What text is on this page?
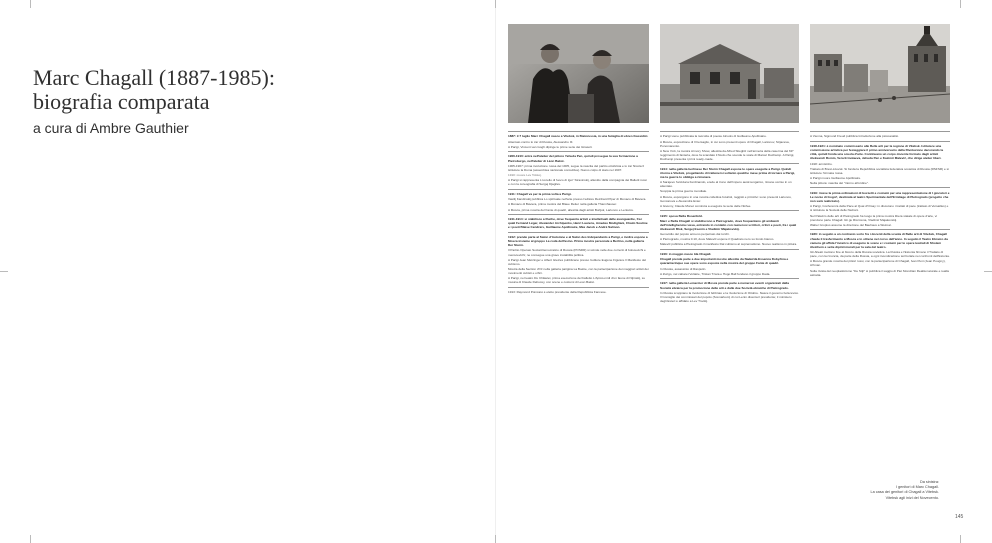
Marc Chagall (1887-1985):
biografia comparata
a cura di Ambre Gauthier

1887: il 7 luglio Marc Chagall nasce a Vitebsk, in Bielorussia, in una famiglia di ebrei chassidici.

Attentato contro lo zar di Russia, Alessandro III.

A Parigi, Vincent van Gogh dipinge le prime serie dei Girasoli.

1906-1910: entra nell'atelier del pittore Yehuda Pen, quindi prosegue la sua formazione a Pietroburgo, nell'atelier di Léon Bakst.

1905-1907: prima rivoluzione russa del 1905, segue la nascita del partito ottobrista e lo zar Nicola II istituisce la Duma (assemblea nazionale consultiva). Nuovo colpo di stato nel 1907.

1910: muore Lev Tolstoj.

A Parigi si rappresenta L'uccello di fuoco di Igor' Stravinskij, allestito dalla compagnia dei Balletti russi e con la coreografia di Sergej Djagilev.

1911: Chagall va per la prima volta a Parigi.

Vasilij Kandinskij pubblica Lo spirituale nell'arte presso l'editore Reinhard Piper di Monaco di Baviera.

A Monaco di Baviera, prima mostra del Blaue Reiter nella galleria Thannhauser.

A Mosca, prima mostra del Fante di quadri, allestita dagli artisti Burljuk, Larionov e Lentulov.

1911-1914: si stabilisce a Ruche, dove frequenta artisti e intellettuali delle avanguardie, fra i quali Fernand Léger, Alexander Archipenko, Henri Laurens, Amedeo Modigliani, Chaim Soutine e i poeti Blaise Cendrars, Guillaume Apollinaire, Max Jacob e André Salmon.

1912: prende parte al Salon d'Automne e al Salon des Indépendants a Parigi, e inoltre espone a Mosca insieme al gruppo La coda dell'asino. Prima mostra personale a Berlino, nella galleria Der Sturm.

Il Partito Operaio Social-Democratico di Russia (POSDR) si scinde nelle due correnti di bolscevichi e menscevichi; ne consegue una grave instabilità politica.

A Parigi Jean Metzinger e Albert Gleizes pubblicano presso l'editore Eugène Figuière Il Manifesto del cubismo.

Mostra della Section d'Or nella galleria parigina La Boétie, con la partecipazione dei maggiori artisti dei movimenti cubisti e orfici.

A Parigi, nel teatro Du Châtelet, prima esecuzione del balletto L'Après-midi d'un faune di Nijinskij, su musica di Claude Debussy, con scene e costumi di Léon Bakst.

1913: Raymond Poincaré è eletto presidente della Repubblica francese.

A Parigi viene pubblicata la raccolta di poesie Alcools di Guillaume Apollinaire.

A Mosca, esposizione di Il bersaglio, in cui sono presenti opere di Chagall, Larionov, Strjaceva, Ponomarenko.

A New York, la mostra Armory Show, allestita da Alfred Stieglitz nell'armeria della caserma del 69° reggimento di fanteria, dove fa scandalo il Nudo che scende le scale di Marcel Duchamp. A Parigi, Duchamp presenta i primi ready-made.

1914: nella galleria berlinese Der Sturm Chagall espone le opere eseguite a Parigi. Quindi ritorna a Vitebsk, progettando di trattenersi soltanto qualche mese prima di tornare a Parigi, ma la guerra lo obbliga a rimanere.

A Sarajevo l'arciduca Ferdinando, erede al trono dell'impero austroungarico, rimane ucciso in un attentato.

Scoppia la prima guerra mondiale.

A Mosca, espongono in una mostra collettiva futuristi, raggisti e primitivi: sono presenti Larionov, Goncarova e Alexandra Exter.

A Givemy, Claude Monet comincia a eseguire la serie delle Ninfee.

1915: sposa Bella Rosenfeld.

Marc e Bella Chagall si stabiliscono a Pietrogrado, dove frequentano gli ambienti dell'intellighenzia russa, entrando in contatto con numerosi scrittori, critici e poeti, fra i quali Aleksandr Blok, Sergej Esenin e Vladimir Majakovskij.

Genocidio del popolo armeno perpetrato dai turchi.

A Pietrogrado, mostra 0.10, dove Malevič espone il Quadrato nero su fondo bianco.

Malevič pubblica a Pietrogrado il manifesto Dal cubismo al suprematismo. Nuovo realismo in pittura.

1916: in maggio nasce Ida Chagall.

Chagall prende parte a due importanti mostre allestite da Nadežda Evsenna Dobyčina e quarantacinque sue opere sono esposte nella mostra del gruppo Fante di quadri.

In Russia, assassinio di Rasputin.

A Zurigo, nel cabaret Voltaire, Tristan Tzara e Hugo Ball fondano il gruppo Dada.

1917: nella galleria Lemercier di Mosca prende parte a numerosi eventi organizzati dalla Società ebraica per la promozione delle arti e dalle due Società ebraiche di Pietrogrado.

In Russia scoppiano la rivoluzione di febbraio e la rivoluzione di Ottobre. Nasce il governo bolscevico. Il Consiglio dei commissari del popolo (Sovnarkom) di cui Lenin diventa il presidente; il ministero degli Esteri è affidato a Lev Trockij.

A Vienna, Sigmund Freud pubblica Introduzione alla psicoanalisi.

1918-1921: è nominato commissario alle Belle arti per la regione di Vitebsk. Istituisce una commissione artistica per festeggiare il primo anniversario della Rivoluzione decorando la città, quindi fonda una scuola d'arte. Continuano un corpo docente formato dagli artisti Aleksandr Romm, Vera Ermolaeva, Jehuda Pen e Kazimir Malevič, che dirige atelier liberi.

1918: armistizio.

Trattato di Brest-Litovsk. Si fonda la Repubblica socialista federativa sovietica di Russia (RSFSR) e si istituisce l'Armata rossa.

A Parigi muore Guillaume Apollinaire.

Nella pittura: nascita del "ritorno all'ordine".

1919: riceve la prima ordinazioni di bozzetti e costumi per una rappresentazione di I giocatori e Le nozze di Gogol', destinata al teatro Sperimentale dell'Ermitage di Pietrogrado (progetto che non sarà realizzato).

A Parigi, Conferenza della Pace al Quai d'Orsay: in discutono i trattati di pace (trattato di Versailles) e si istituisce la Società delle Nazioni.

Nel Palazzo delle arti di Pietrogrado ha luogo la prima mostra libera statale di opere d'arte, vi prendono parte Chagall. Gli gu Ricciovna, Vladimir Majakovskij.

Walter Gropius assume la direzione del Bauhaus a Weimar.

1920: in seguito a un contrasto sorto fra i docenti della scuola di Belle arti di Vitebsk, Chagall chiede il trasferimento a Mosca e lo ottiene nel corso dell'anno. In seguito il Teatro Ebraico da camera gli affida l'incarico di eseguire le scene e i costumi per le opere teatrali di Sholem Aleichem e sette dipinti murali per la sala del teatro.

Gli Alleati mettono fine al blocco della Russia sovietica. La Russia e l'Estonia firmano il Trattato di pace, con la rinuncia, da parte della Russia, a ogni rivendicazione territoriale nei confronti dell'Estonia.

A Mosca grande mostra dei pittori russi, con la partecipazione di Chagall, Ivan Puni (Jean Pougny), Al'tman.

Sulla rivista del neoplasticismo "De Stijl" si pubblica il saggio di Piet Mondrian Realtà naturale e realtà astratta.

Da sinistra:
I genitori di Marc Chagall.
La casa dei genitori di Chagall a Vitebsk.
Vitebsk agli inizi del Novecento.
145
